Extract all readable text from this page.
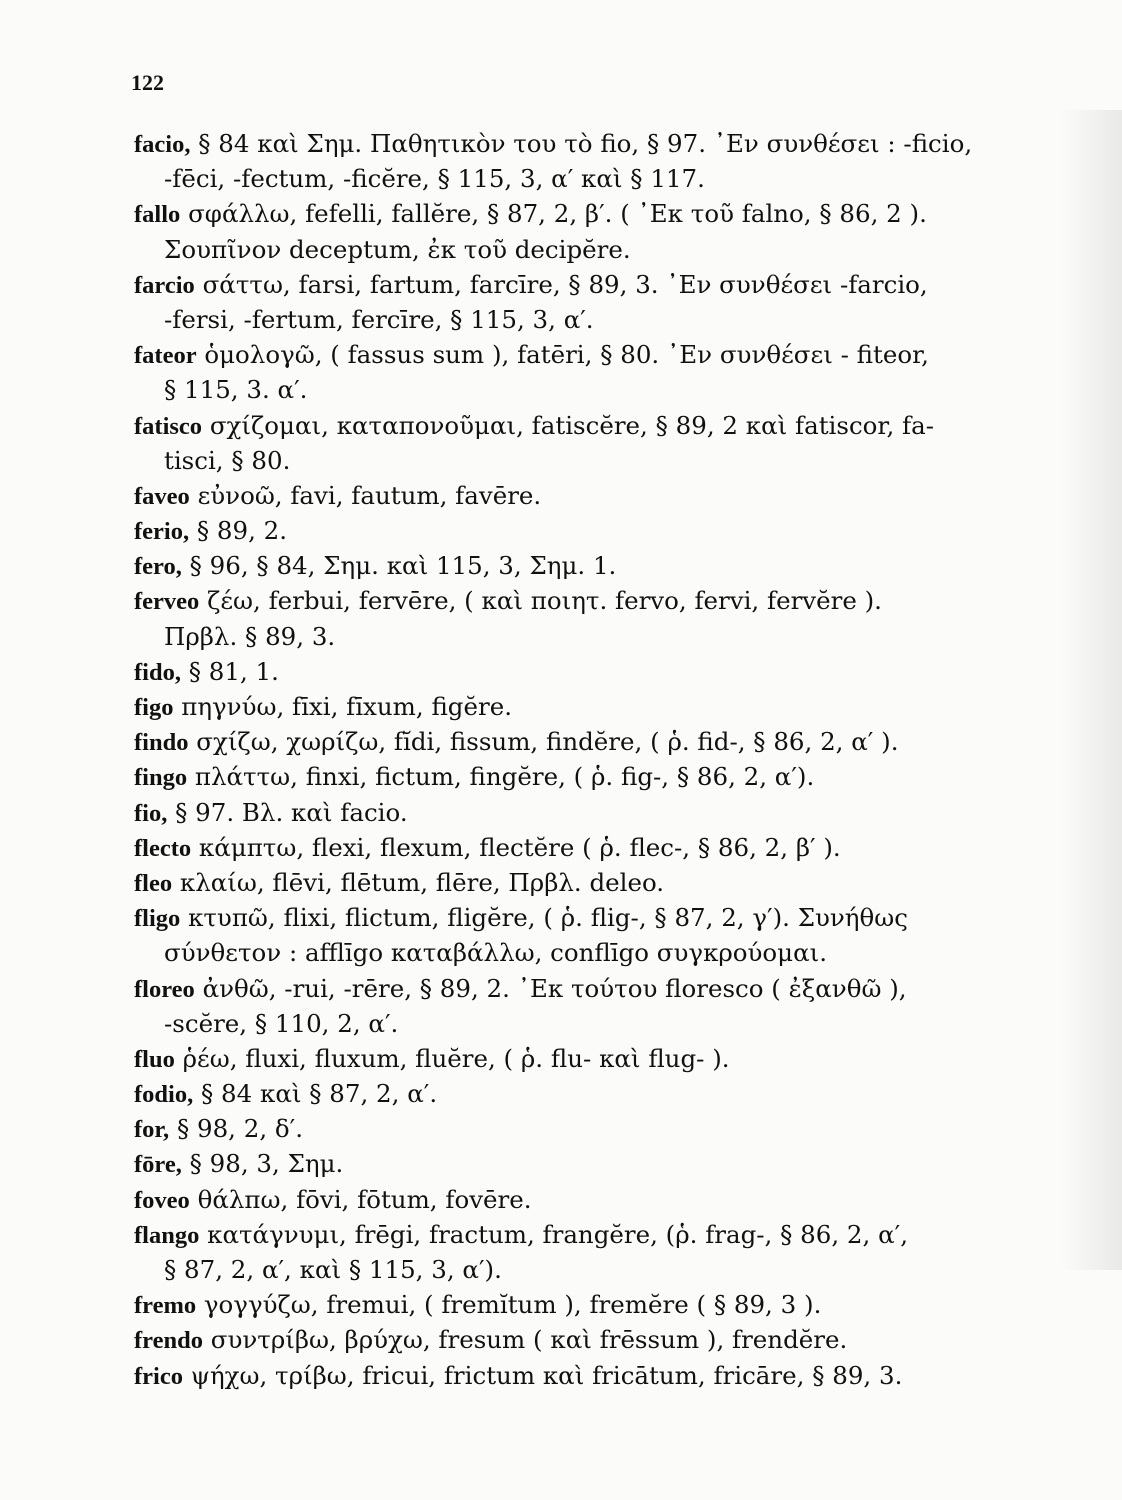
122
facio, § 84 καὶ Σημ. Παθητικὸν του τὸ fio, § 97. ᾿Εν συνθέσει : -ficio,
-fēci, -fectum, -ficĕre, § 115, 3, α′ καὶ § 117.
fallo σφάλλω, fefelli, fallĕre, § 87, 2, β′. ( ᾿Εκ τοῦ falno, § 86, 2 ).
Σουπῖνον deceptum, ἐκ τοῦ decipĕre.
farcio σάττω, farsi, fartum, farcīre, § 89, 3. ᾿Εν συνθέσει -farcio,
-fersi, -fertum, fercīre, § 115, 3, α′.
fateor ὁμολογῶ, ( fassus sum ), fatēri, § 80. ᾿Εν συνθέσει - fiteor,
§ 115, 3. α′.
fatisco σχίζομαι, καταπονοῦμαι, fatiscĕre, § 89, 2 καὶ fatiscor, fa-
tisci, § 80.
faveo εὐνοῶ, favi, fautum, favēre.
ferio, § 89, 2.
fero, § 96, § 84, Σημ. καὶ 115, 3, Σημ. 1.
ferveo ζέω, ferbui, fervēre, ( καὶ ποιητ. fervo, fervi, fervĕre ).
Πρβλ. § 89, 3.
fido, § 81, 1.
figo πηγνύω, fīxi, fīxum, figĕre.
findo σχίζω, χωρίζω, fĭdi, fissum, findĕre, ( ῥ. fid-, § 86, 2, α′ ).
fingo πλάττω, finxi, fictum, fingĕre, ( ῥ. fig-, § 86, 2, α′).
fio, § 97. Βλ. καὶ facio.
flecto κάμπτω, flexi, flexum, flectĕre ( ῥ. flec-, § 86, 2, β′ ).
fleo κλαίω, flēvi, flētum, flēre, Πρβλ. deleo.
fligo κτυπῶ, flixi, flictum, fligĕre, ( ῥ. flig-, § 87, 2, γ′). Συνήθως
σύνθετον : afflīgo καταβάλλω, conflīgo συγκρούομαι.
floreo ἀνθῶ, -rui, -rēre, § 89, 2. ᾿Εκ τούτου floresco ( ἐξανθῶ ),
-scĕre, § 110, 2, α′.
fluo ῥέω, fluxi, fluxum, fluĕre, ( ῥ. flu- καὶ flug- ).
fodio, § 84 καὶ § 87, 2, α′.
for, § 98, 2, δ′.
fōre, § 98, 3, Σημ.
foveo θάλπω, fōvi, fōtum, fovēre.
flango κατάγνυμι, frēgi, fractum, frangĕre, (ῥ. frag-, § 86, 2, α′,
§ 87, 2, α′, καὶ § 115, 3, α′).
fremo γογγύζω, fremui, ( fremĭtum ), fremĕre ( § 89, 3 ).
frendo συντρίβω, βρύχω, fresum ( καὶ frēssum ), frendĕre.
frico ψήχω, τρίβω, fricui, frictum καὶ fricātum, fricāre, § 89, 3.
